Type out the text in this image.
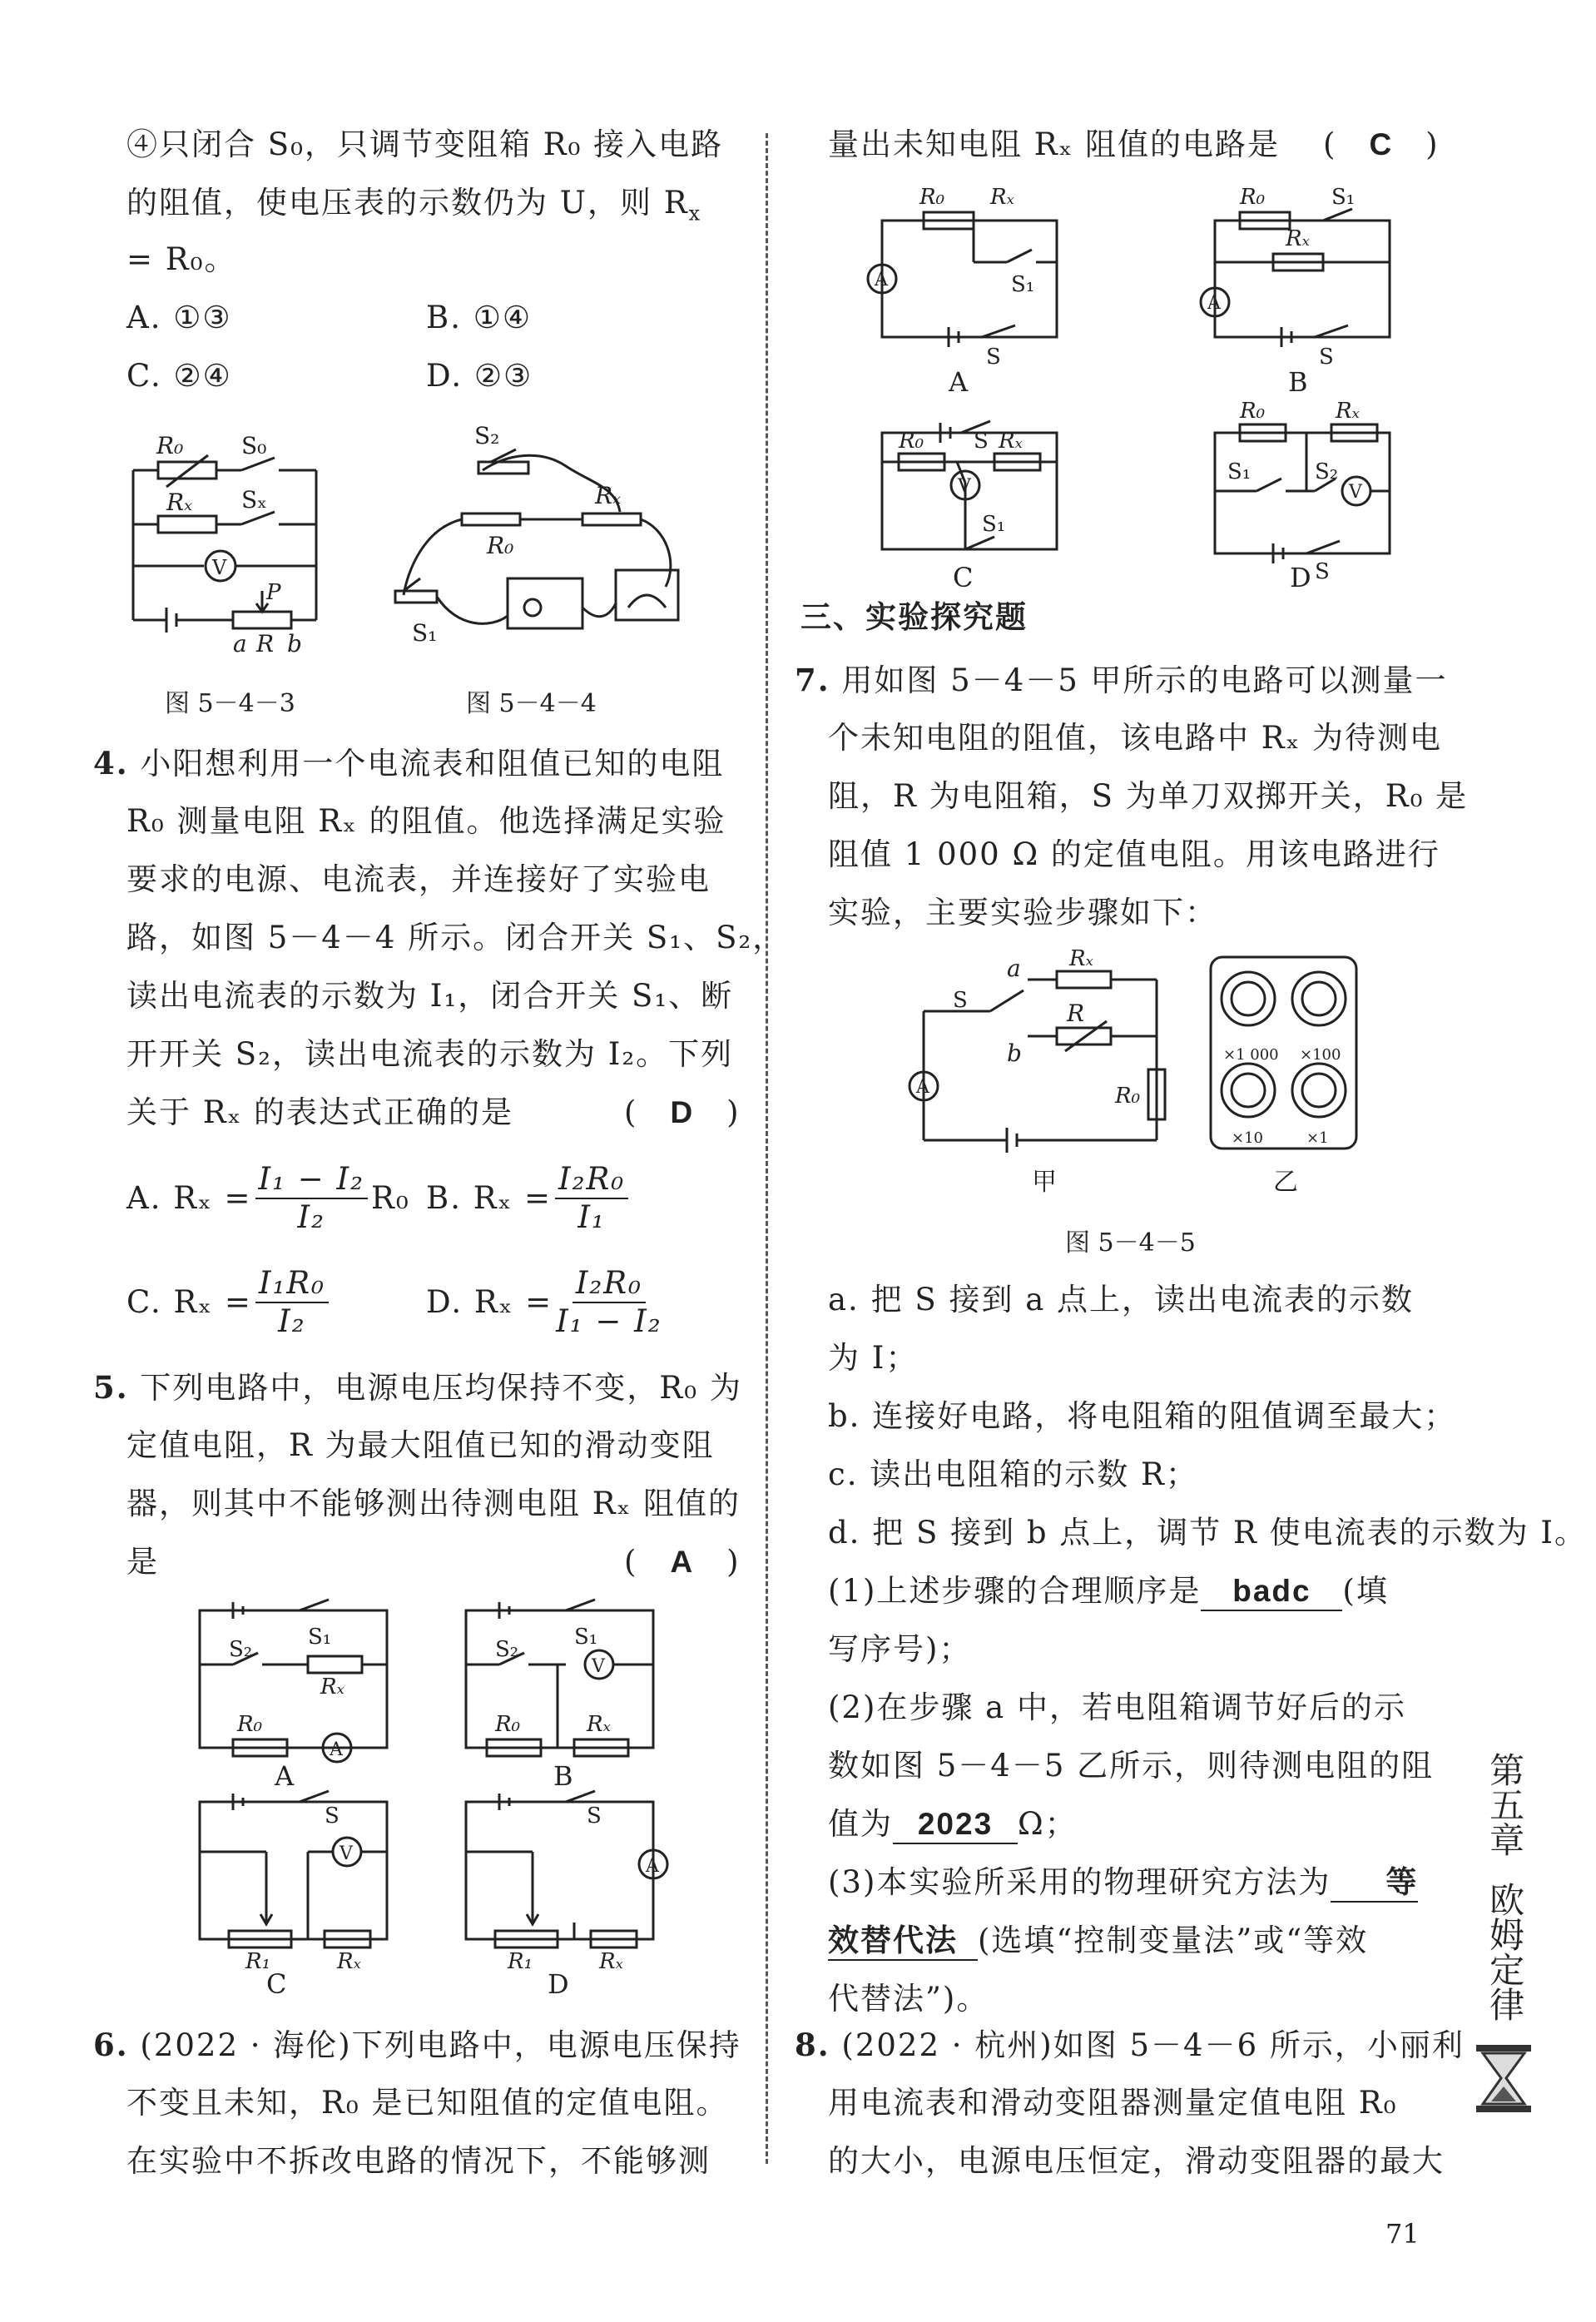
④只闭合 S₀，只调节变阻箱 R₀ 接入电路
的阻值，使电压表的示数仍为 U，则 $R_x$
= R₀。
A. ①③	B. ①④
C. ②④	D. ②③
R₀ S₀
Rₓ Sₓ
V
P
a R b
图 5－4－3
S₂
Rₓ
R₀
S₁
图 5－4－4
4. 小阳想利用一个电流表和阻值已知的电阻
R₀ 测量电阻 Rₓ 的阻值。他选择满足实验
要求的电源、电流表，并连接好了实验电
路，如图 5－4－4 所示。闭合开关 S₁、S₂，
读出电流表的示数为 I₁，闭合开关 S₁、断
开开关 S₂，读出电流表的示数为 I₂。下列
关于 Rₓ 的表达式正确的是	(　D　)
A. $R_x = \frac{\text{I₁ − I₂}}{\text{I₂}} R_0$ B. $R_x = \frac{\text{I₂R₀}}{\text{I₁}}$
C. $R_x = \frac{\text{I₁R₀}}{\text{I₂}}$	D. $R_x = \frac{\text{I₂R₀}}{\text{I₁ − I₂}}$
5. 下列电路中，电源电压均保持不变，R₀ 为
定值电阻，R 为最大阻值已知的滑动变阻
器，则其中不能够测出待测电阻 Rₓ 阻值的
是	(　A　)
S₂	S₁
Rₓ
R₀
A
A
S₂	S₁
V
R₀	Rₓ
B
S
V
R₁	Rₓ
C
S
A
R₁	Rₓ
D
6. (2022 · 海伦)下列电路中，电源电压保持
不变且未知，R₀ 是已知阻值的定值电阻。
在实验中不拆改电路的情况下，不能够测
量出未知电阻 Rₓ 阻值的电路是 (　C　)
R₀ Rₓ
S₁
A
S
A
R₀	S₁
Rₓ
A
S
B
R₀ S Rₓ
V
S₁
C
R₀	Rₓ
S₁	S₂
V
S
D
三、实验探究题
7. 用如图 5－4－5 甲所示的电路可以测量一
个未知电阻的阻值，该电路中 Rₓ 为待测电
阻，R 为电阻箱，S 为单刀双掷开关，R₀ 是
阻值 1 000 Ω 的定值电阻。用该电路进行
实验，主要实验步骤如下：
S
a Rₓ
R
b
R₀
A
甲
×1 000 ×100
×10	×1
乙
图 5－4－5
a. 把 S 接到 a 点上，读出电流表的示数
为 I；
b. 连接好电路，将电阻箱的阻值调至最大；
c. 读出电阻箱的示数 R；
d. 把 S 接到 b 点上，调节 R 使电流表的示数为 I。
(1)上述步骤的合理顺序是 badc (填
写序号)；
(2)在步骤 a 中，若电阻箱调节好后的示
数如图 5－4－5 乙所示，则待测电阻的阻
值为 2023 Ω；
(3)本实验所采用的物理研究方法为 等
效替代法 (选填“控制变量法”或“等效
代替法”)。
8. (2022 · 杭州)如图 5－4－6 所示，小丽利
用电流表和滑动变阻器测量定值电阻 R₀
的大小，电源电压恒定，滑动变阻器的最大
第五章
欧姆定律
71
